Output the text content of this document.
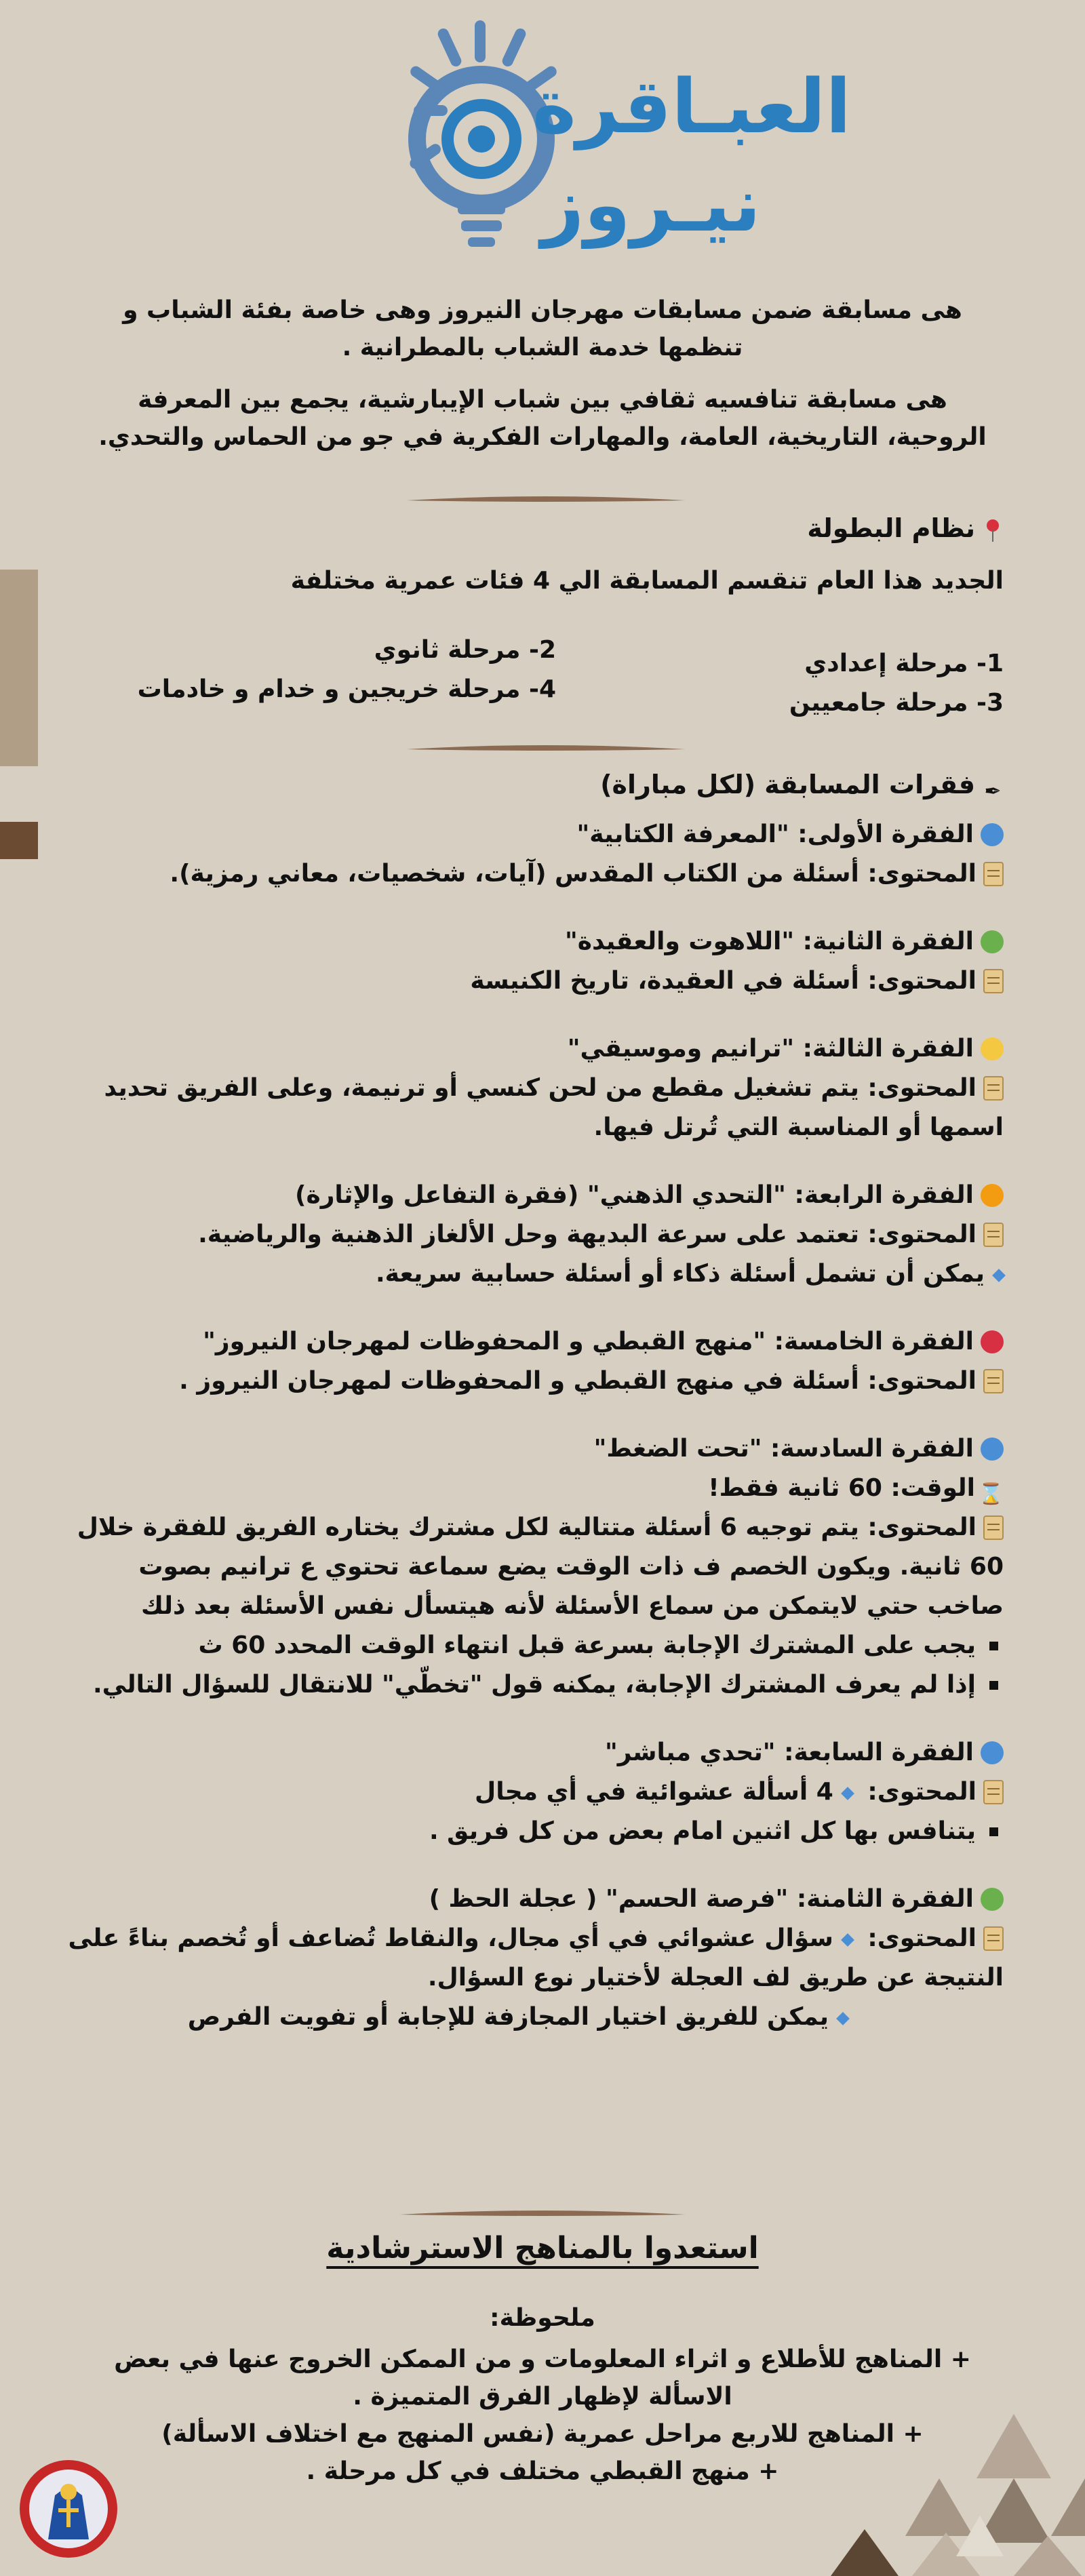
العبـاقرة
نيـروز

هى مسابقة ضمن مسابقات مهرجان النيروز وهى خاصة بفئة الشباب و

تنظمها خدمة الشباب بالمطرانية .

هى مسابقة تنافسيه ثقافي بين شباب الإيبارشية، يجمع بين المعرفة

الروحية، التاريخية، العامة، والمهارات الفكرية في جو من الحماس والتحدي.

نظام البطولة

الجديد هذا العام تنقسم المسابقة الي 4 فئات عمرية مختلفة

1- مرحلة إعدادي
3- مرحلة جامعيين
2- مرحلة ثانوي
4- مرحلة خريجين و خدام و خادمات

✒فقرات المسابقة (لكل مباراة)

الفقرة الأولى: "المعرفة الكتابية"

المحتوى: أسئلة من الكتاب المقدس (آيات، شخصيات، معاني رمزية).

الفقرة الثانية: "اللاهوت والعقيدة"

المحتوى: أسئلة في العقيدة، تاريخ الكنيسة

الفقرة الثالثة: "ترانيم وموسيقي"

المحتوى: يتم تشغيل مقطع من لحن كنسي أو ترنيمة، وعلى الفريق تحديد

اسمها أو المناسبة التي تُرتل فيها.

الفقرة الرابعة: "التحدي الذهني" (فقرة التفاعل والإثارة)

المحتوى: تعتمد على سرعة البديهة وحل الألغاز الذهنية والرياضية.

يمكن أن تشمل أسئلة ذكاء أو أسئلة حسابية سريعة.

الفقرة الخامسة: "منهج القبطي و المحفوظات لمهرجان النيروز"

المحتوى: أسئلة في منهج القبطي و المحفوظات لمهرجان النيروز .

الفقرة السادسة: "تحت الضغط"

⌛الوقت: 60 ثانية فقط!

المحتوى: يتم توجيه 6 أسئلة متتالية لكل مشترك يختاره الفريق للفقرة خلال

60 ثانية. ويكون الخصم ف ذات الوقت يضع سماعة تحتوي ع ترانيم بصوت

صاخب حتي لايتمكن من سماع الأسئلة لأنه هيتسأل نفس الأسئلة بعد ذلك

يجب على المشترك الإجابة بسرعة قبل انتهاء الوقت المحدد 60 ث

إذا لم يعرف المشترك الإجابة، يمكنه قول "تخطّي" للانتقال للسؤال التالي.

الفقرة السابعة: "تحدي مباشر"

المحتوى: 4 أسألة عشوائية في أي مجال

يتنافس بها كل اثنين امام بعض من كل فريق .

الفقرة الثامنة: "فرصة الحسم" ( عجلة الحظ )

المحتوى: سؤال عشوائي في أي مجال، والنقاط تُضاعف أو تُخصم بناءً على

النتيجة عن طريق لف العجلة لأختيار نوع السؤال.

يمكن للفريق اختيار المجازفة للإجابة أو تفويت الفرص

استعدوا بالمناهج الاسترشادية

ملحوظة:

+ المناهج للأطلاع و اثراء المعلومات و من الممكن الخروج عنها في بعض

الاسألة لإظهار الفرق المتميزة .

+ المناهج للاربع مراحل عمرية (نفس المنهج مع اختلاف الاسألة)

+ منهج القبطي مختلف في كل مرحلة .
